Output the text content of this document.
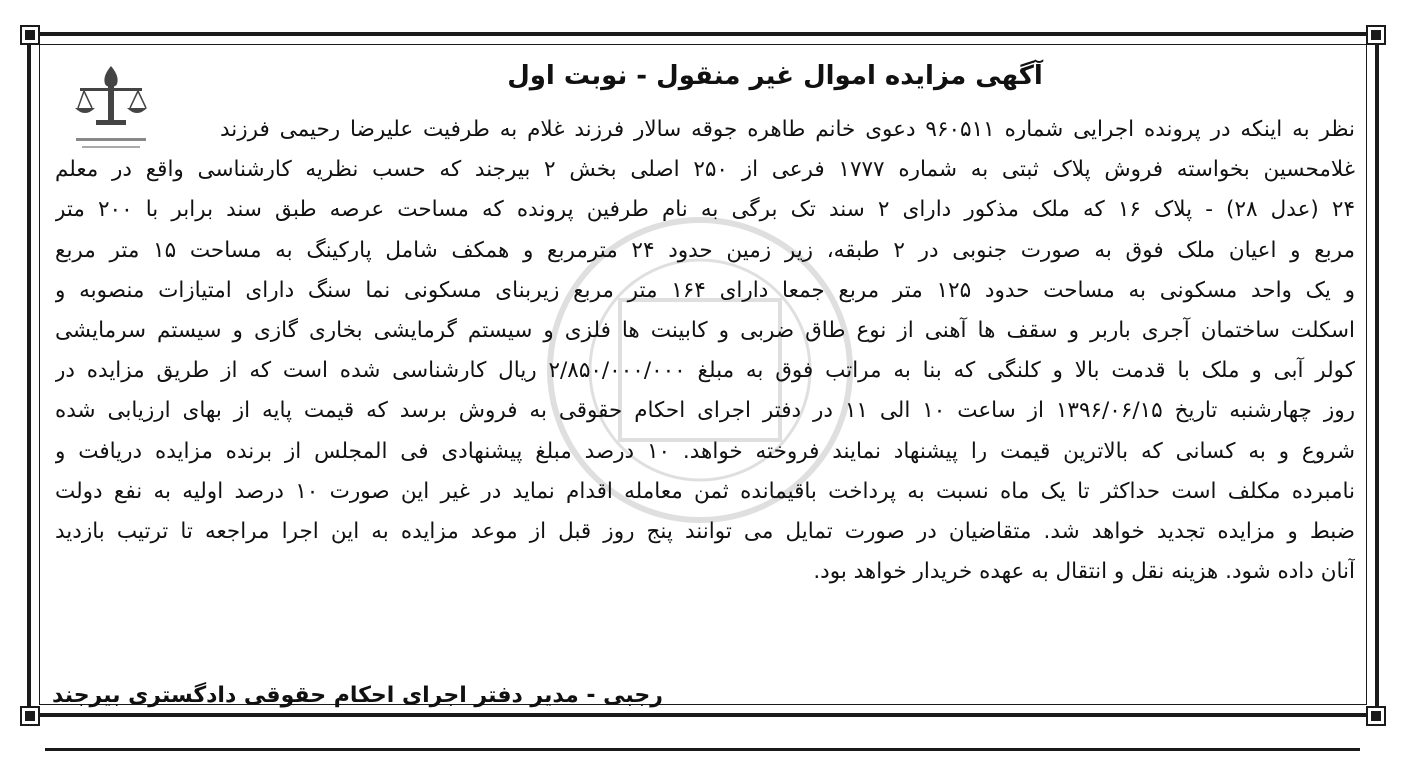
آگهی مزایده اموال غیر منقول - نوبت اول
نظر به اینکه در پرونده اجرایی شماره ۹۶۰۵۱۱ دعوی خانم طاهره جوقه سالار فرزند غلام به طرفیت علیرضا رحیمی فرزند
غلامحسین بخواسته فروش پلاک ثبتی به شماره ۱۷۷۷ فرعی از ۲۵۰ اصلی بخش ۲ بیرجند که حسب نظریه کارشناسی واقع در معلم
۲۴ (عدل ۲۸) - پلاک ۱۶ که ملک مذکور دارای ۲ سند تک برگی به نام طرفین پرونده که مساحت عرصه طبق سند برابر با ۲۰۰ متر
مربع و اعیان ملک فوق به صورت جنوبی در ۲ طبقه، زیر زمین حدود ۲۴ مترمربع و همکف شامل پارکینگ به مساحت ۱۵ متر مربع
و یک واحد مسکونی به مساحت حدود ۱۲۵ متر مربع جمعا دارای ۱۶۴ متر مربع زیربنای مسکونی نما سنگ دارای امتیازات منصوبه و
اسکلت ساختمان آجری باربر و سقف ها آهنی از نوع طاق ضربی و کابینت ها فلزی و سیستم گرمایشی بخاری گازی و سیستم سرمایشی
کولر آبی و ملک با قدمت بالا و کلنگی که بنا به مراتب فوق به مبلغ ۲/۸۵۰/۰۰۰/۰۰۰ ریال کارشناسی شده است که از طریق مزایده در
روز چهارشنبه تاریخ ۱۳۹۶/۰۶/۱۵ از ساعت ۱۰ الی ۱۱ در دفتر اجرای احکام حقوقی به فروش برسد که قیمت پایه از بهای ارزیابی شده
شروع و به کسانی که بالاترین قیمت را پیشنهاد نمایند فروخته خواهد. ۱۰ درصد مبلغ پیشنهادی فی المجلس از برنده مزایده دریافت و
نامبرده مکلف است حداکثر تا یک ماه نسبت به پرداخت باقیمانده ثمن معامله اقدام نماید در غیر این صورت ۱۰ درصد اولیه به نفع دولت
ضبط و مزایده تجدید خواهد شد. متقاضیان در صورت تمایل می توانند پنج روز قبل از موعد مزایده به این اجرا مراجعه تا ترتیب بازدید
آنان داده شود. هزینه نقل و انتقال به عهده خریدار خواهد بود.
رجبی - مدیر دفتر اجرای احکام حقوقی دادگستری بیرجند
